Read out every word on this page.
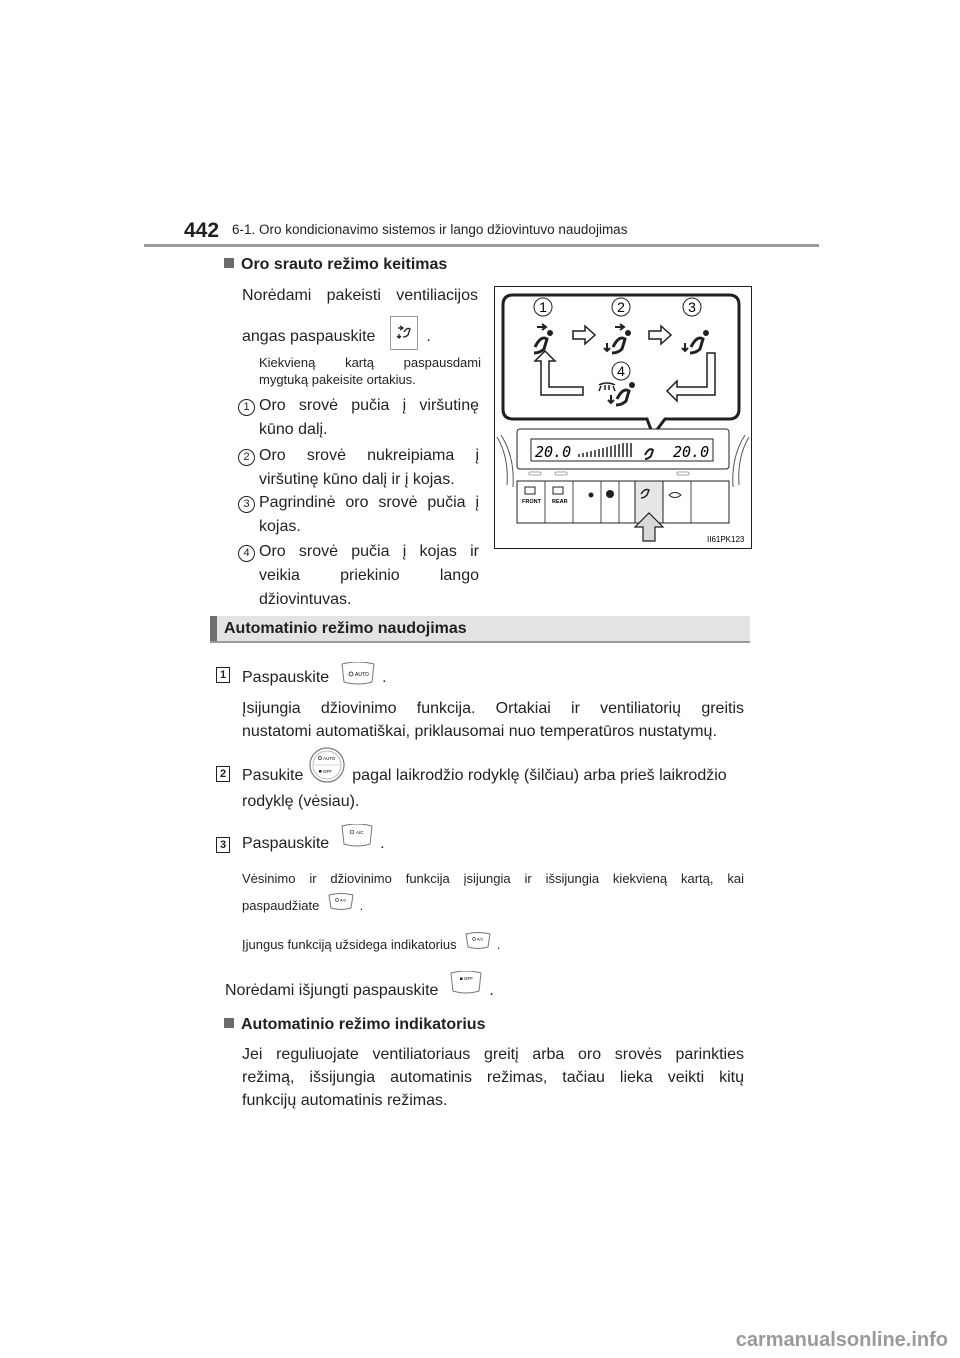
442 6-1. Oro kondicionavimo sistemos ir lango džiovintuvo naudojimas
Oro srauto režimo keitimas
Norėdami pakeisti ventiliacijos
angas paspauskite	.
Kiekvieną kartą paspausdami
mygtuką pakeisite ortakius.
1 Oro srovė pučia į viršutinę
kūno dalį.
2 Oro srovė nukreipiama į
viršutinę kūno dalį ir į kojas.
3 Pagrindinė oro srovė pučia į
kojas.
4 Oro srovė pučia į kojas ir
veikia priekinio lango
džiovintuvas.
1	2	3
4
20.0	20.0
FRONT REAR
II61PK123
Automatinio režimo naudojimas
1 Paspauskite	AUTO .
Įsijungia džiovinimo funkcija. Ortakiai ir ventiliatorių greitis
nustatomi automatiškai, priklausomai nuo temperatūros nustatymų.
2 Pasukite
AUTO
OFF pagal laikrodžio rodyklę (šilčiau) arba prieš laikrodžio
rodyklę (vėsiau).
3 Paspauskite
A/C
.
Vėsinimo ir džiovinimo funkcija įsijungia ir išsijungia kiekvieną kartą, kai
paspaudžiate	A/C .
Įjungus funkciją užsidega indikatorius	A/C .
Norėdami išjungti paspauskite
OFF
.
Automatinio režimo indikatorius
Jei reguliuojate ventiliatoriaus greitį arba oro srovės parinkties
režimą, išsijungia automatinis režimas, tačiau lieka veikti kitų
funkcijų automatinis režimas.
carmanualsonline.info
